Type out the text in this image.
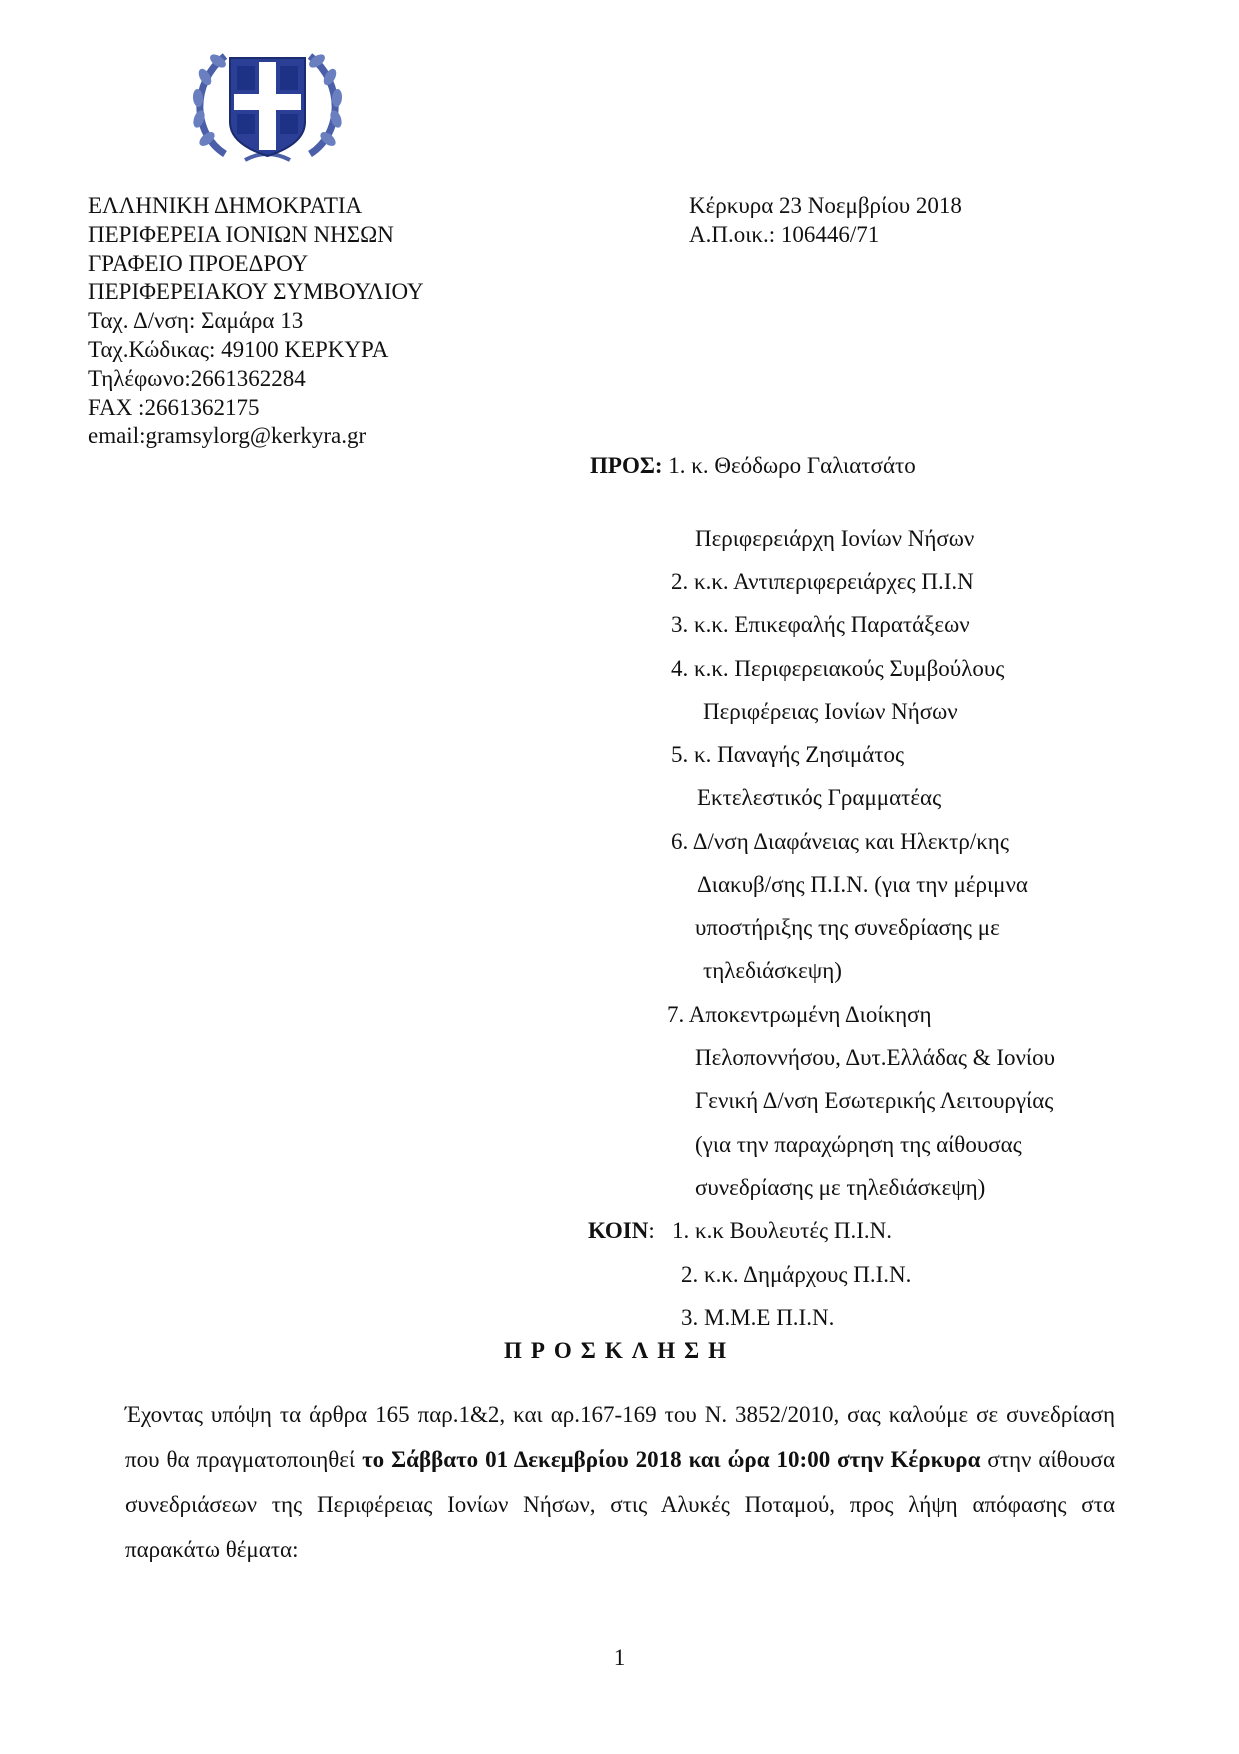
ΕΛΛΗΝΙΚΗ ΔΗΜΟΚΡΑΤΙΑ
ΠΕΡΙΦΕΡΕΙΑ ΙΟΝΙΩΝ ΝΗΣΩΝ
ΓΡΑΦΕΙΟ ΠΡΟΕΔΡΟΥ
ΠΕΡΙΦΕΡΕΙΑΚΟΥ ΣΥΜΒΟΥΛΙΟΥ
Ταχ. Δ/νση: Σαμάρα 13
Ταχ.Κώδικας: 49100 ΚΕΡΚΥΡΑ
Τηλέφωνο:2661362284
FAX :2661362175
email:gramsylorg@kerkyra.gr
Κέρκυρα 23 Νοεμβρίου 2018
Α.Π.οικ.: 106446/71
ΠΡΟΣ: 1. κ. Θεόδωρο Γαλιατσάτο
Περιφερειάρχη Ιονίων Νήσων
2. κ.κ. Αντιπεριφερειάρχες Π.Ι.Ν
3. κ.κ. Επικεφαλής Παρατάξεων
4. κ.κ. Περιφερειακούς Συμβούλους
Περιφέρειας Ιονίων Νήσων
5. κ. Παναγής Ζησιμάτος
Εκτελεστικός Γραμματέας
6. Δ/νση Διαφάνειας και Ηλεκτρ/κης
Διακυβ/σης Π.Ι.Ν. (για την μέριμνα
υποστήριξης της συνεδρίασης με
τηλεδιάσκεψη)
7. Αποκεντρωμένη Διοίκηση
Πελοποννήσου, Δυτ.Ελλάδας & Ιονίου
Γενική Δ/νση Εσωτερικής Λειτουργίας
(για την παραχώρηση της αίθουσας
συνεδρίασης με τηλεδιάσκεψη)
ΚΟΙΝ: 1. κ.κ Βουλευτές Π.Ι.Ν.
2. κ.κ. Δημάρχους Π.Ι.Ν.
3. Μ.Μ.Ε Π.Ι.Ν.
ΠΡΟΣΚΛΗΣΗ

Έχοντας υπόψη τα άρθρα 165 παρ.1&2, και αρ.167-169 του Ν. 3852/2010, σας καλούμε σε συνεδρίαση που θα πραγματοποιηθεί το Σάββατο 01 Δεκεμβρίου 2018 και ώρα 10:00 στην Κέρκυρα στην αίθουσα συνεδριάσεων της Περιφέρειας Ιονίων Νήσων, στις Αλυκές Ποταμού, προς λήψη απόφασης στα παρακάτω θέματα:

1
